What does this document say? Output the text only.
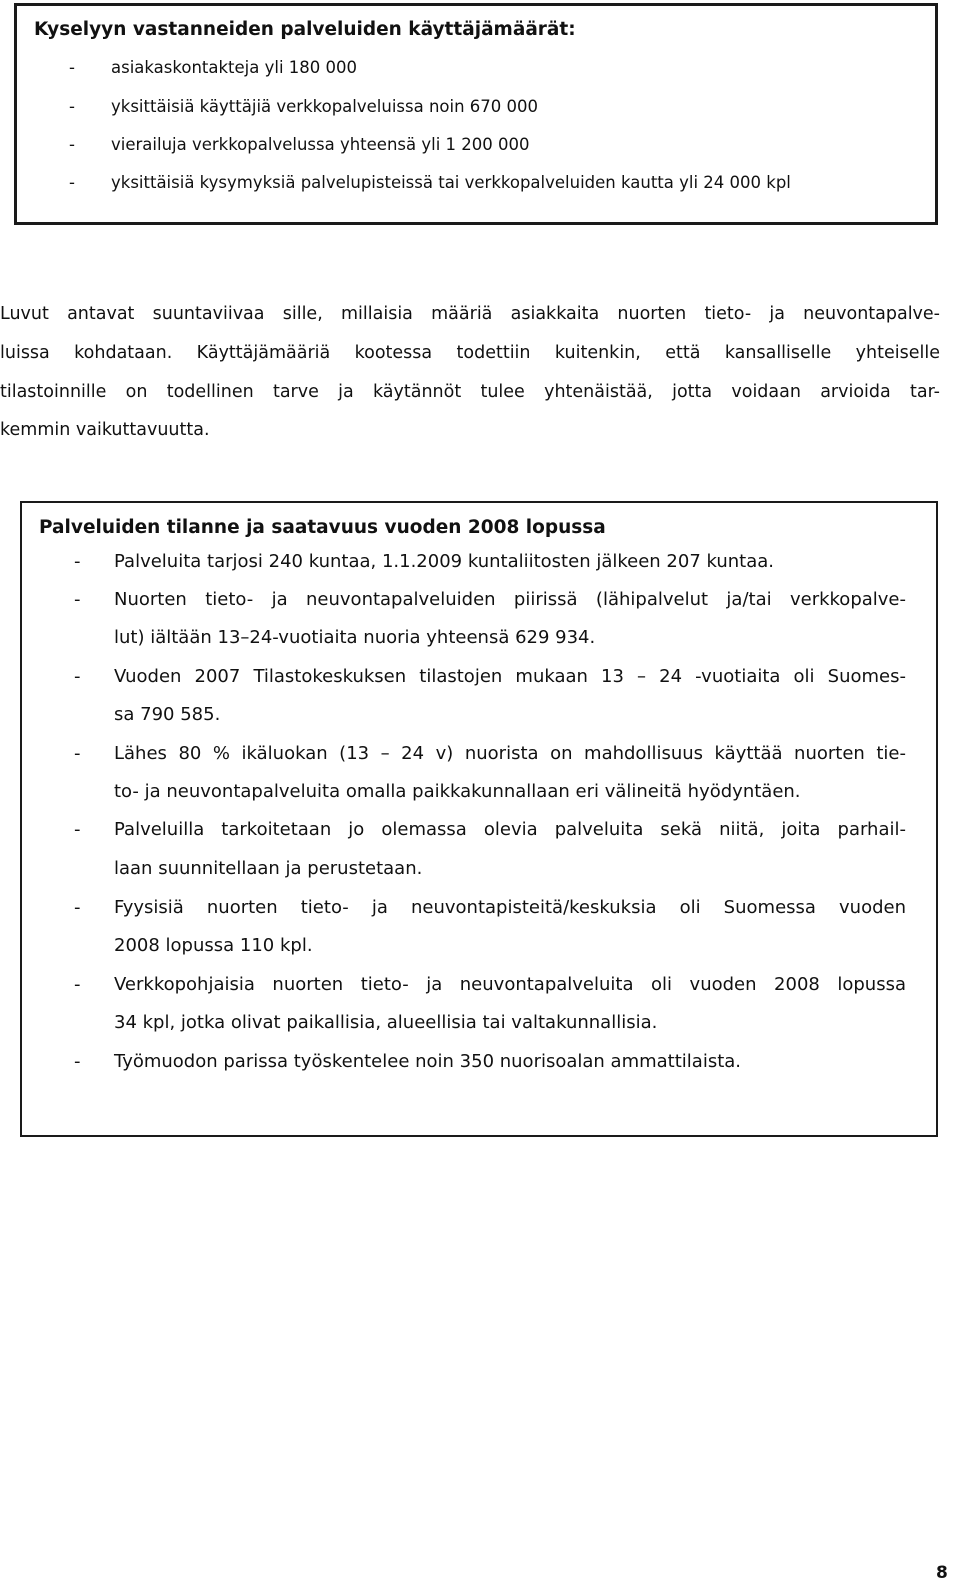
Kyselyyn vastanneiden palveluiden käyttäjämäärät:
- asiakaskontakteja yli 180 000
- yksittäisiä käyttäjiä verkkopalveluissa noin 670 000
- vierailuja verkkopalvelussa yhteensä yli 1 200 000
- yksittäisiä kysymyksiä palvelupisteissä tai verkkopalveluiden kautta yli 24 000 kpl
Luvut antavat suuntaviivaa sille, millaisia määriä asiakkaita nuorten tieto- ja neuvontapalve-
luissa kohdataan. Käyttäjämääriä kootessa todettiin kuitenkin, että kansalliselle yhteiselle
tilastoinnille on todellinen tarve ja käytännöt tulee yhtenäistää, jotta voidaan arvioida tar-
kemmin vaikuttavuutta.
Palveluiden tilanne ja saatavuus vuoden 2008 lopussa
- Palveluita tarjosi 240 kuntaa, 1.1.2009 kuntaliitosten jälkeen 207 kuntaa.
- Nuorten tieto- ja neuvontapalveluiden piirissä (lähipalvelut ja/tai verkkopalve-
lut) iältään 13–24-vuotiaita nuoria yhteensä 629 934.
- Vuoden 2007 Tilastokeskuksen tilastojen mukaan 13 – 24 -vuotiaita oli Suomes-
sa 790 585.
- Lähes 80 % ikäluokan (13 – 24 v) nuorista on mahdollisuus käyttää nuorten tie-
to- ja neuvontapalveluita omalla paikkakunnallaan eri välineitä hyödyntäen.
- Palveluilla tarkoitetaan jo olemassa olevia palveluita sekä niitä, joita parhail-
laan suunnitellaan ja perustetaan.
- Fyysisiä nuorten tieto- ja neuvontapisteitä/keskuksia oli Suomessa vuoden
2008 lopussa 110 kpl.
- Verkkopohjaisia nuorten tieto- ja neuvontapalveluita oli vuoden 2008 lopussa
34 kpl, jotka olivat paikallisia, alueellisia tai valtakunnallisia.
- Työmuodon parissa työskentelee noin 350 nuorisoalan ammattilaista.
8
